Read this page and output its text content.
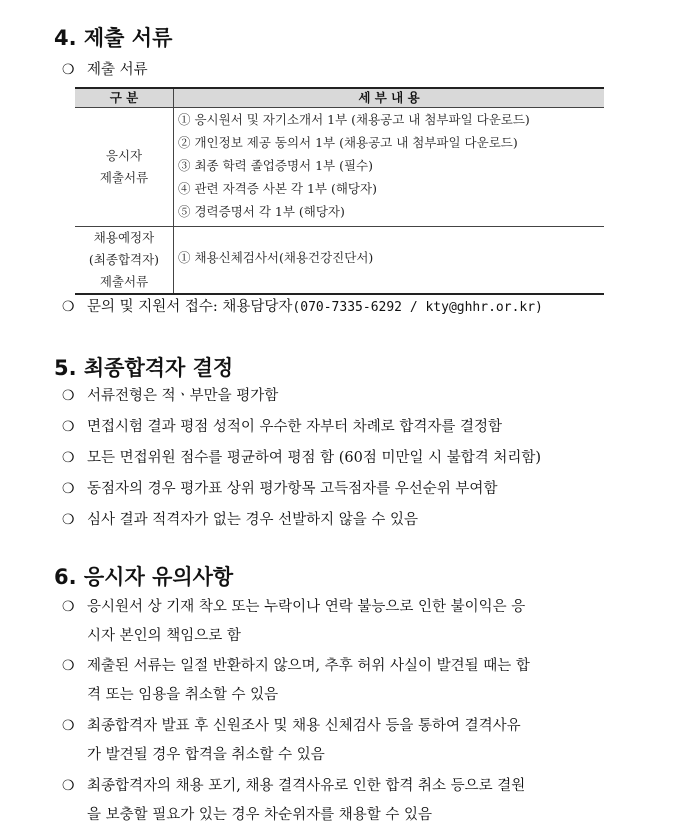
4. 제출 서류
❍ 제출 서류
구 분	세 부 내 용
응시자
제출서류
① 응시원서 및 자기소개서 1부 (채용공고 내 첨부파일 다운로드)
② 개인정보 제공 동의서 1부 (채용공고 내 첨부파일 다운로드)
③ 최종 학력 졸업증명서 1부 (필수)
④ 관련 자격증 사본 각 1부 (해당자)
⑤ 경력증명서 각 1부 (해당자)
채용예정자
(최종합격자)
제출서류
① 채용신체검사서(채용건강진단서)
❍ 문의 및 지원서 접수: 채용담당자(070-7335-6292 / kty@ghhr.or.kr)
5. 최종합격자 결정
❍ 서류전형은 적ㆍ부만을 평가함
❍ 면접시험 결과 평점 성적이 우수한 자부터 차례로 합격자를 결정함
❍ 모든 면접위원 점수를 평균하여 평점 함 (60점 미만일 시 불합격 처리함)
❍ 동점자의 경우 평가표 상위 평가항목 고득점자를 우선순위 부여함
❍ 심사 결과 적격자가 없는 경우 선발하지 않을 수 있음
6. 응시자 유의사항
❍ 응시원서 상 기재 착오 또는 누락이나 연락 불능으로 인한 불이익은 응
시자 본인의 책임으로 함
❍ 제출된 서류는 일절 반환하지 않으며, 추후 허위 사실이 발견될 때는 합
격 또는 임용을 취소할 수 있음
❍ 최종합격자 발표 후 신원조사 및 채용 신체검사 등을 통하여 결격사유
가 발견될 경우 합격을 취소할 수 있음
❍ 최종합격자의 채용 포기, 채용 결격사유로 인한 합격 취소 등으로 결원
을 보충할 필요가 있는 경우 차순위자를 채용할 수 있음
